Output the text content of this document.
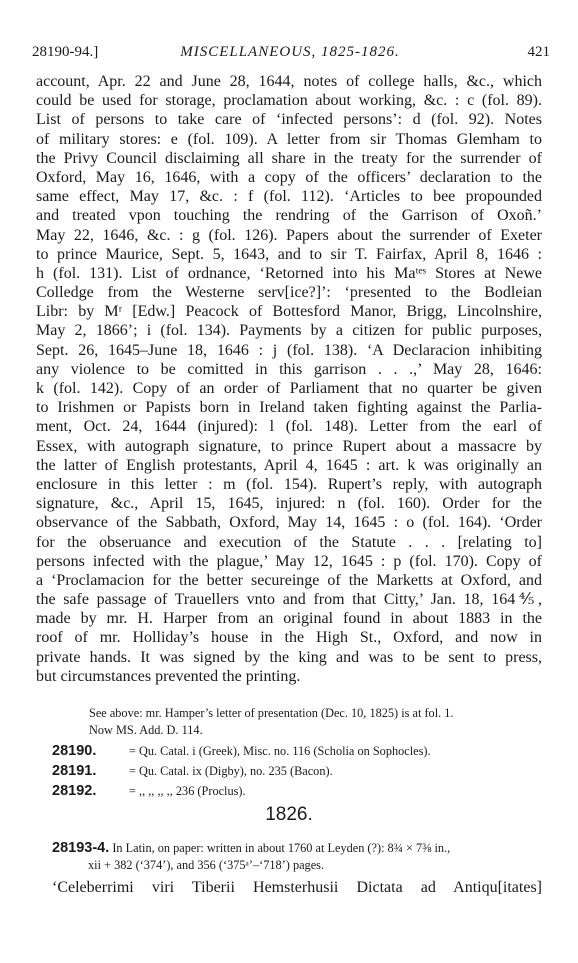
28190-94.]	MISCELLANEOUS, 1825-1826.	421
account, Apr. 22 and June 28, 1644, notes of college halls, &c., which
could be used for storage, proclamation about working, &c. : c (fol. 89).
List of persons to take care of ‘infected persons’: d (fol. 92). Notes
of military stores: e (fol. 109). A letter from sir Thomas Glemham to
the Privy Council disclaiming all share in the treaty for the surrender of
Oxford, May 16, 1646, with a copy of the officers’ declaration to the
same effect, May 17, &c. : f (fol. 112). ‘Articles to bee propounded
and treated vpon touching the rendring of the Garrison of Oxoñ.’
May 22, 1646, &c. : g (fol. 126). Papers about the surrender of Exeter
to prince Maurice, Sept. 5, 1643, and to sir T. Fairfax, April 8, 1646 :
h (fol. 131). List of ordnance, ‘Retorned into his Maᵗᵉˢ Stores at Newe
Colledge from the Westerne serv[ice?]’: ‘presented to the Bodleian
Libr: by Mʳ [Edw.] Peacock of Bottesford Manor, Brigg, Lincolnshire,
May 2, 1866’; i (fol. 134). Payments by a citizen for public purposes,
Sept. 26, 1645–June 18, 1646 : j (fol. 138). ‘A Declaracion inhibiting
any violence to be comitted in this garrison . . .,’ May 28, 1646:
k (fol. 142). Copy of an order of Parliament that no quarter be given
to Irishmen or Papists born in Ireland taken fighting against the Parlia-
ment, Oct. 24, 1644 (injured): l (fol. 148). Letter from the earl of
Essex, with autograph signature, to prince Rupert about a massacre by
the latter of English protestants, April 4, 1645 : art. k was originally an
enclosure in this letter : m (fol. 154). Rupert’s reply, with autograph
signature, &c., April 15, 1645, injured: n (fol. 160). Order for the
observance of the Sabbath, Oxford, May 14, 1645 : o (fol. 164). ‘Order
for the obseruance and execution of the Statute . . . [relating to]
persons infected with the plague,’ May 12, 1645 : p (fol. 170). Copy of
a ‘Proclamacion for the better secureinge of the Marketts at Oxford, and
the safe passage of Trauellers vnto and from that Citty,’ Jan. 18, 164⅘,
made by mr. H. Harper from an original found in about 1883 in the
roof of mr. Holliday’s house in the High St., Oxford, and now in
private hands. It was signed by the king and was to be sent to press,
but circumstances prevented the printing.
See above: mr. Hamper’s letter of presentation (Dec. 10, 1825) is at fol. 1.
Now MS. Add. D. 114.
28190.	= Qu. Catal. i (Greek), Misc. no. 116 (Scholia on Sophocles).
28191.	= Qu. Catal. ix (Digby), no. 235 (Bacon).
28192.	= ,, ,, ,, ,, 236 (Proclus).
1826.
28193-4. In Latin, on paper: written in about 1760 at Leyden (?): 8¾ × 7⅜ in.,
xii + 382 (‘374’), and 356 (‘375ᵃ’–‘718’) pages.
‘Celeberrimi viri Tiberii Hemsterhusii Dictata ad Antiqu[itates]
